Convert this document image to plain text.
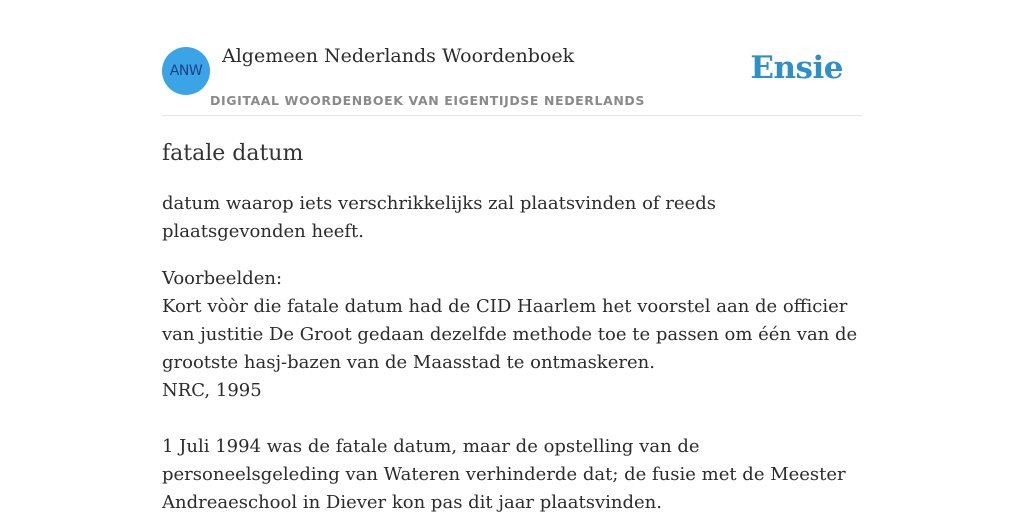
ANW
Algemeen Nederlands Woordenboek
DIGITAAL WOORDENBOEK VAN EIGENTIJDSE NEDERLANDS
Ensie
fatale datum

datum waarop iets verschrikkelijks zal plaatsvinden of reeds plaatsgevonden heeft.

Voorbeelden:
Kort vòòr die fatale datum had de CID Haarlem het voorstel aan de officier van justitie De Groot gedaan dezelfde methode toe te passen om één van de grootste hasj-bazen van de Maasstad te ontmaskeren.
NRC, 1995
1 Juli 1994 was de fatale datum, maar de opstelling van de personeelsgeleding van Wateren verhinderde dat; de fusie met de Meester Andreaeschool in Diever kon pas dit jaar plaatsvinden.
